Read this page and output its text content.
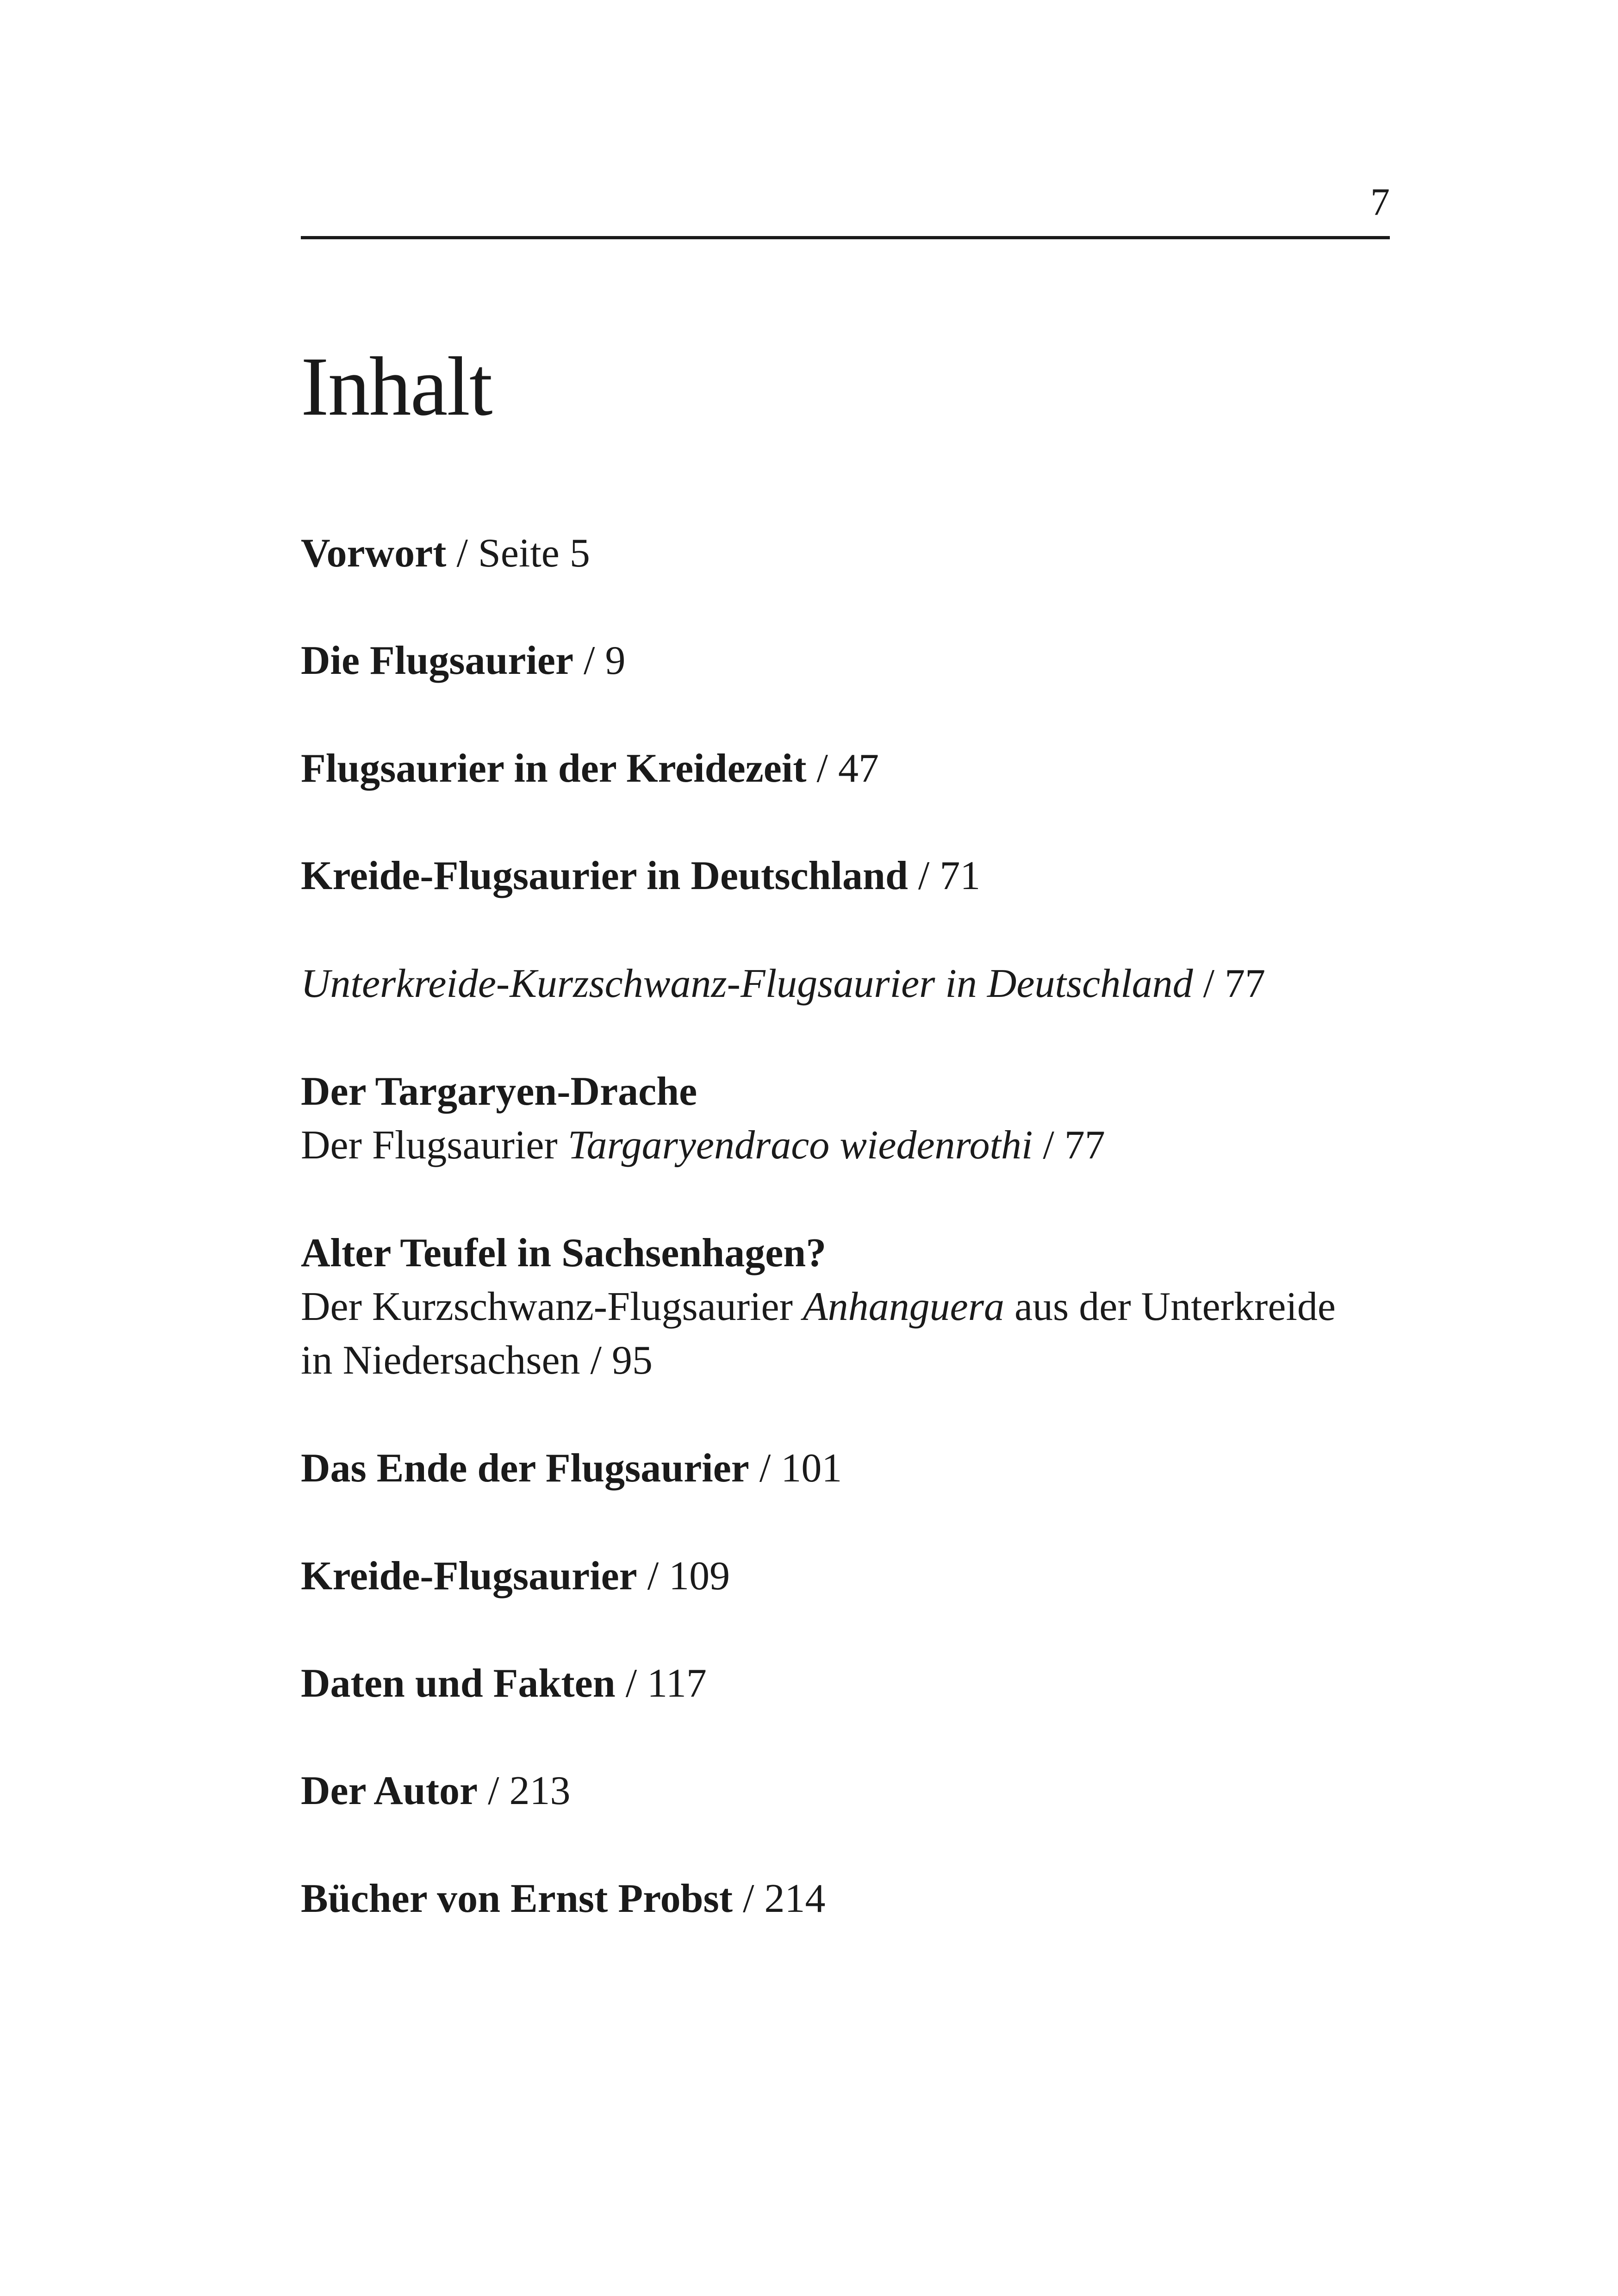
7
Inhalt
Vorwort / Seite 5
Die Flugsaurier / 9
Flugsaurier in der Kreidezeit / 47
Kreide-Flugsaurier in Deutschland / 71
Unterkreide-Kurzschwanz-Flugsaurier in Deutschland / 77
Der Targaryen-Drache
Der Flugsaurier Targaryendraco wiedenrothi / 77
Alter Teufel in Sachsenhagen?
Der Kurzschwanz-Flugsaurier Anhanguera aus der Unterkreide in Niedersachsen / 95
Das Ende der Flugsaurier / 101
Kreide-Flugsaurier / 109
Daten und Fakten / 117
Der Autor / 213
Bücher von Ernst Probst / 214
